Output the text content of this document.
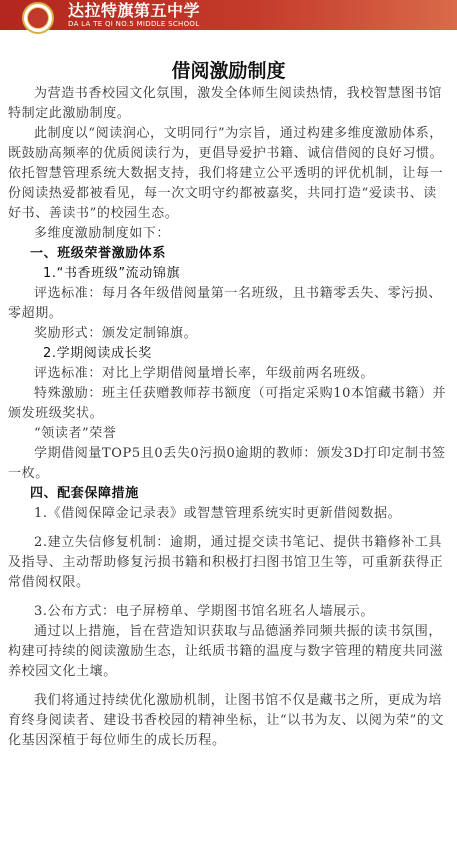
达拉特旗第五中学
DA LA TE QI NO.5 MIDDLE SCHOOL
借阅激励制度

为营造书香校园文化氛围，激发全体师生阅读热情，我校智慧图书馆特制定此激励制度。

此制度以“阅读润心，文明同行”为宗旨，通过构建多维度激励体系，既鼓励高频率的优质阅读行为，更倡导爱护书籍、诚信借阅的良好习惯。依托智慧管理系统大数据支持，我们将建立公平透明的评优机制，让每一份阅读热爱都被看见，每一次文明守约都被嘉奖，共同打造“爱读书、读好书、善读书”的校园生态。

多维度激励制度如下：

一、班级荣誉激励体系

1.“书香班级”流动锦旗

评选标准：每月各年级借阅量第一名班级，且书籍零丢失、零污损、零超期。

奖励形式：颁发定制锦旗。

2.学期阅读成长奖

评选标准：对比上学期借阅量增长率，年级前两名班级。

特殊激励：班主任获赠教师荐书额度（可指定采购10本馆藏书籍）并颁发班级奖状。

“领读者”荣誉

学期借阅量TOP5且0丢失0污损0逾期的教师：颁发3D打印定制书签一枚。

四、配套保障措施

1.《借阅保障金记录表》或智慧管理系统实时更新借阅数据。

2.建立失信修复机制：逾期，通过提交读书笔记、提供书籍修补工具及指导、主动帮助修复污损书籍和积极打扫图书馆卫生等，可重新获得正常借阅权限。

3.公布方式：电子屏榜单、学期图书馆名班名人墙展示。

通过以上措施，旨在营造知识获取与品德涵养同频共振的读书氛围，构建可持续的阅读激励生态，让纸质书籍的温度与数字管理的精度共同滋养校园文化土壤。

我们将通过持续优化激励机制，让图书馆不仅是藏书之所，更成为培育终身阅读者、建设书香校园的精神坐标，让“以书为友、以阅为荣”的文化基因深植于每位师生的成长历程。
